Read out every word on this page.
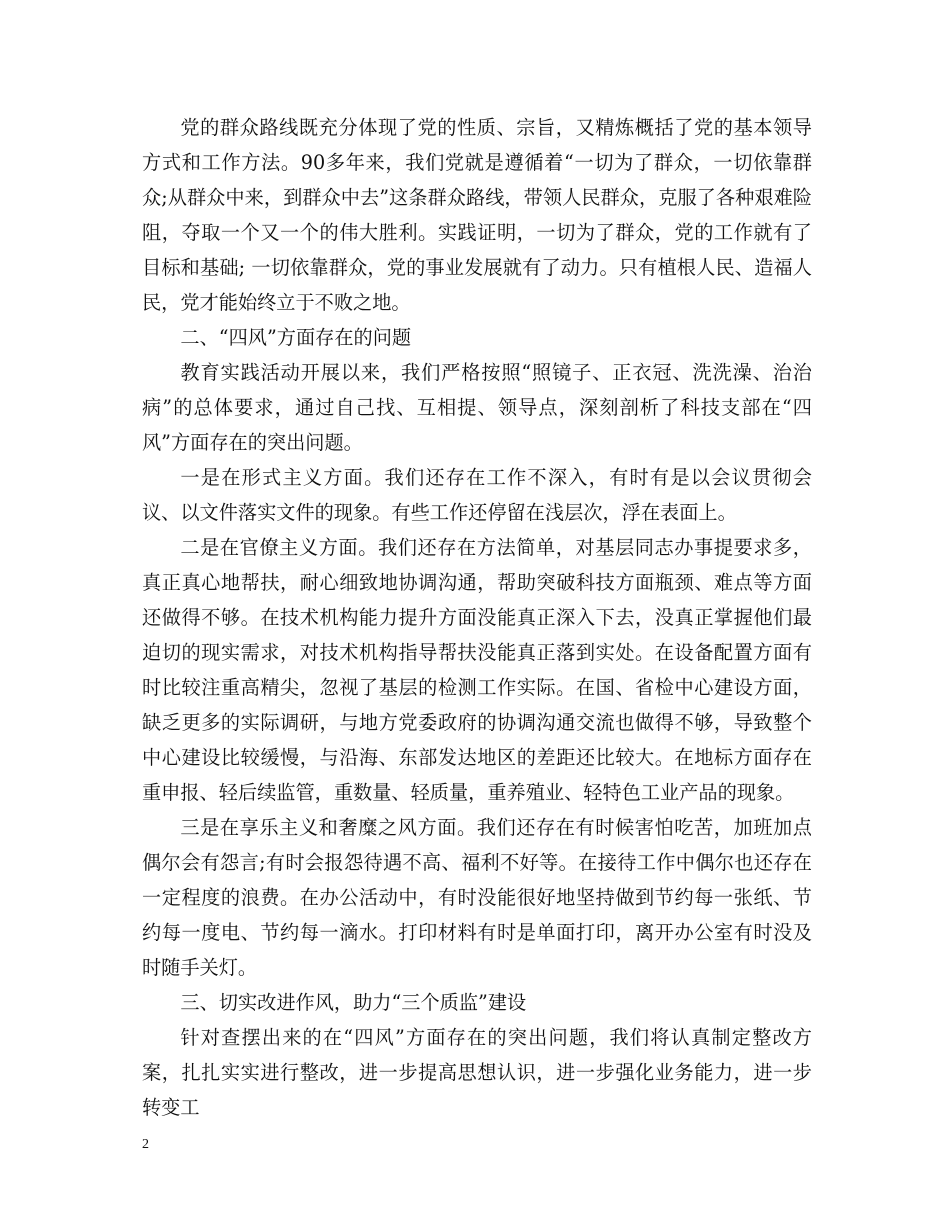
党的群众路线既充分体现了党的性质、宗旨，又精炼概括了党的基本领导方式和工作方法。90多年来，我们党就是遵循着“一切为了群众，一切依靠群众;从群众中来，到群众中去”这条群众路线，带领人民群众，克服了各种艰难险阻，夺取一个又一个的伟大胜利。实践证明，一切为了群众，党的工作就有了目标和基础; 一切依靠群众，党的事业发展就有了动力。只有植根人民、造福人民，党才能始终立于不败之地。

二、“四风”方面存在的问题

教育实践活动开展以来，我们严格按照“照镜子、正衣冠、洗洗澡、治治病”的总体要求，通过自己找、互相提、领导点，深刻剖析了科技支部在“四风”方面存在的突出问题。

一是在形式主义方面。我们还存在工作不深入，有时有是以会议贯彻会议、以文件落实文件的现象。有些工作还停留在浅层次，浮在表面上。

二是在官僚主义方面。我们还存在方法简单，对基层同志办事提要求多，真正真心地帮扶，耐心细致地协调沟通，帮助突破科技方面瓶颈、难点等方面还做得不够。在技术机构能力提升方面没能真正深入下去，没真正掌握他们最迫切的现实需求，对技术机构指导帮扶没能真正落到实处。在设备配置方面有时比较注重高精尖，忽视了基层的检测工作实际。在国、省检中心建设方面，缺乏更多的实际调研，与地方党委政府的协调沟通交流也做得不够，导致整个中心建设比较缓慢，与沿海、东部发达地区的差距还比较大。在地标方面存在重申报、轻后续监管，重数量、轻质量，重养殖业、轻特色工业产品的现象。

三是在享乐主义和奢糜之风方面。我们还存在有时候害怕吃苦，加班加点偶尔会有怨言;有时会报怨待遇不高、福利不好等。在接待工作中偶尔也还存在一定程度的浪费。在办公活动中，有时没能很好地坚持做到节约每一张纸、节约每一度电、节约每一滴水。打印材料有时是单面打印，离开办公室有时没及时随手关灯。

三、切实改进作风，助力“三个质监”建设

针对查摆出来的在“四风”方面存在的突出问题，我们将认真制定整改方案，扎扎实实进行整改，进一步提高思想认识，进一步强化业务能力，进一步转变工

2
